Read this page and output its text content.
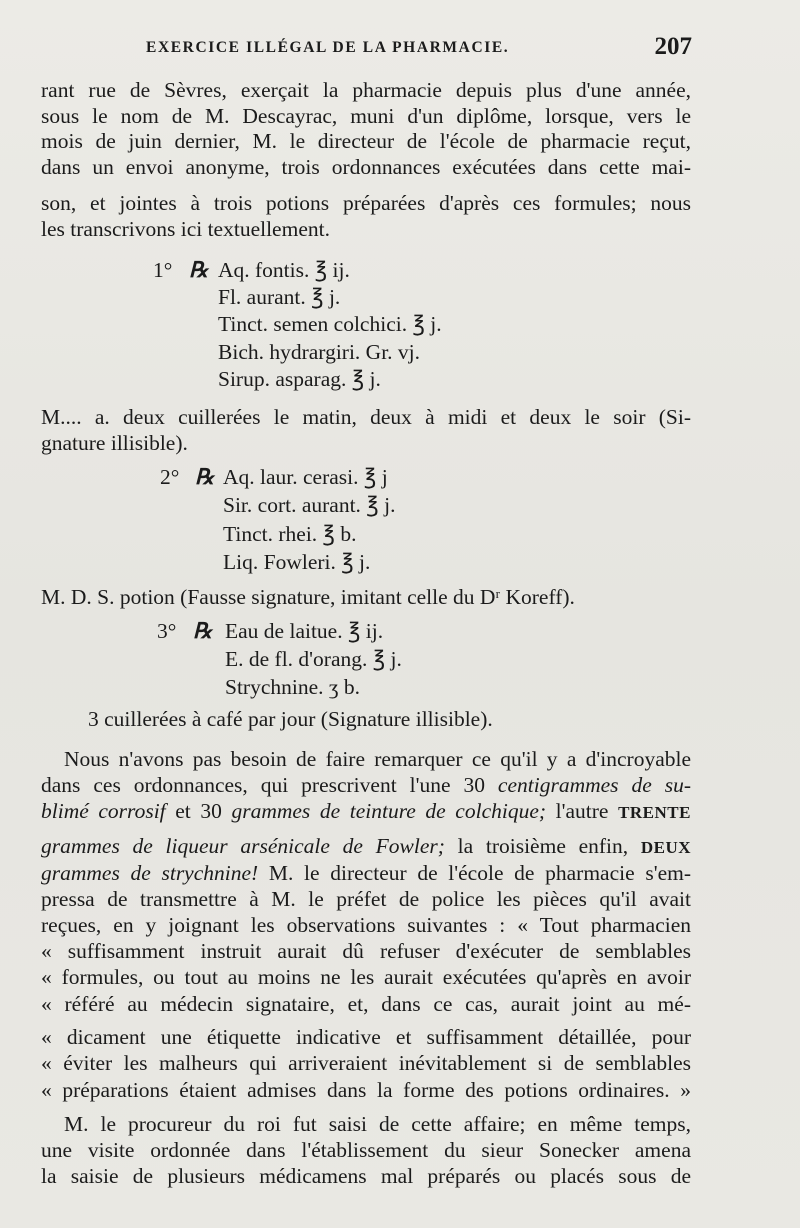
EXERCICE ILLÉGAL DE LA PHARMACIE.	207
rant rue de Sèvres, exerçait la pharmacie depuis plus d'une année,
sous le nom de M. Descayrac, muni d'un diplôme, lorsque, vers le
mois de juin dernier, M. le directeur de l'école de pharmacie reçut,
dans un envoi anonyme, trois ordonnances exécutées dans cette mai-
son, et jointes à trois potions préparées d'après ces formules; nous
les transcrivons ici textuellement.
1° ℞ Aq. fontis. ℥ ij.
Fl. aurant. ℥ j.
Tinct. semen colchici. ℥ j.
Bich. hydrargiri. Gr. vj.
Sirup. asparag. ℥ j.
M.... a. deux cuillerées le matin, deux à midi et deux le soir (Si-
gnature illisible).
2° ℞ Aq. laur. cerasi. ℥ j
Sir. cort. aurant. ℥ j.
Tinct. rhei. ℥ b.
Liq. Fowleri. ℥ j.
M. D. S. potion (Fausse signature, imitant celle du Dʳ Koreff).
3° ℞ Eau de laitue. ℥ ij.
E. de fl. d'orang. ℥ j.
Strychnine. ʒ b.
3 cuillerées à café par jour (Signature illisible).
Nous n'avons pas besoin de faire remarquer ce qu'il y a d'incroyable
dans ces ordonnances, qui prescrivent l'une 30 centigrammes de su-
blimé corrosif et 30 grammes de teinture de colchique; l'autre TRENTE
grammes de liqueur arsénicale de Fowler; la troisième enfin, DEUX
grammes de strychnine! M. le directeur de l'école de pharmacie s'em-
pressa de transmettre à M. le préfet de police les pièces qu'il avait
reçues, en y joignant les observations suivantes : « Tout pharmacien
« suffisamment instruit aurait dû refuser d'exécuter de semblables
« formules, ou tout au moins ne les aurait exécutées qu'après en avoir
« référé au médecin signataire, et, dans ce cas, aurait joint au mé-
« dicament une étiquette indicative et suffisamment détaillée, pour
« éviter les malheurs qui arriveraient inévitablement si de semblables
« préparations étaient admises dans la forme des potions ordinaires. »
M. le procureur du roi fut saisi de cette affaire; en même temps,
une visite ordonnée dans l'établissement du sieur Sonecker amena
la saisie de plusieurs médicamens mal préparés ou placés sous de
